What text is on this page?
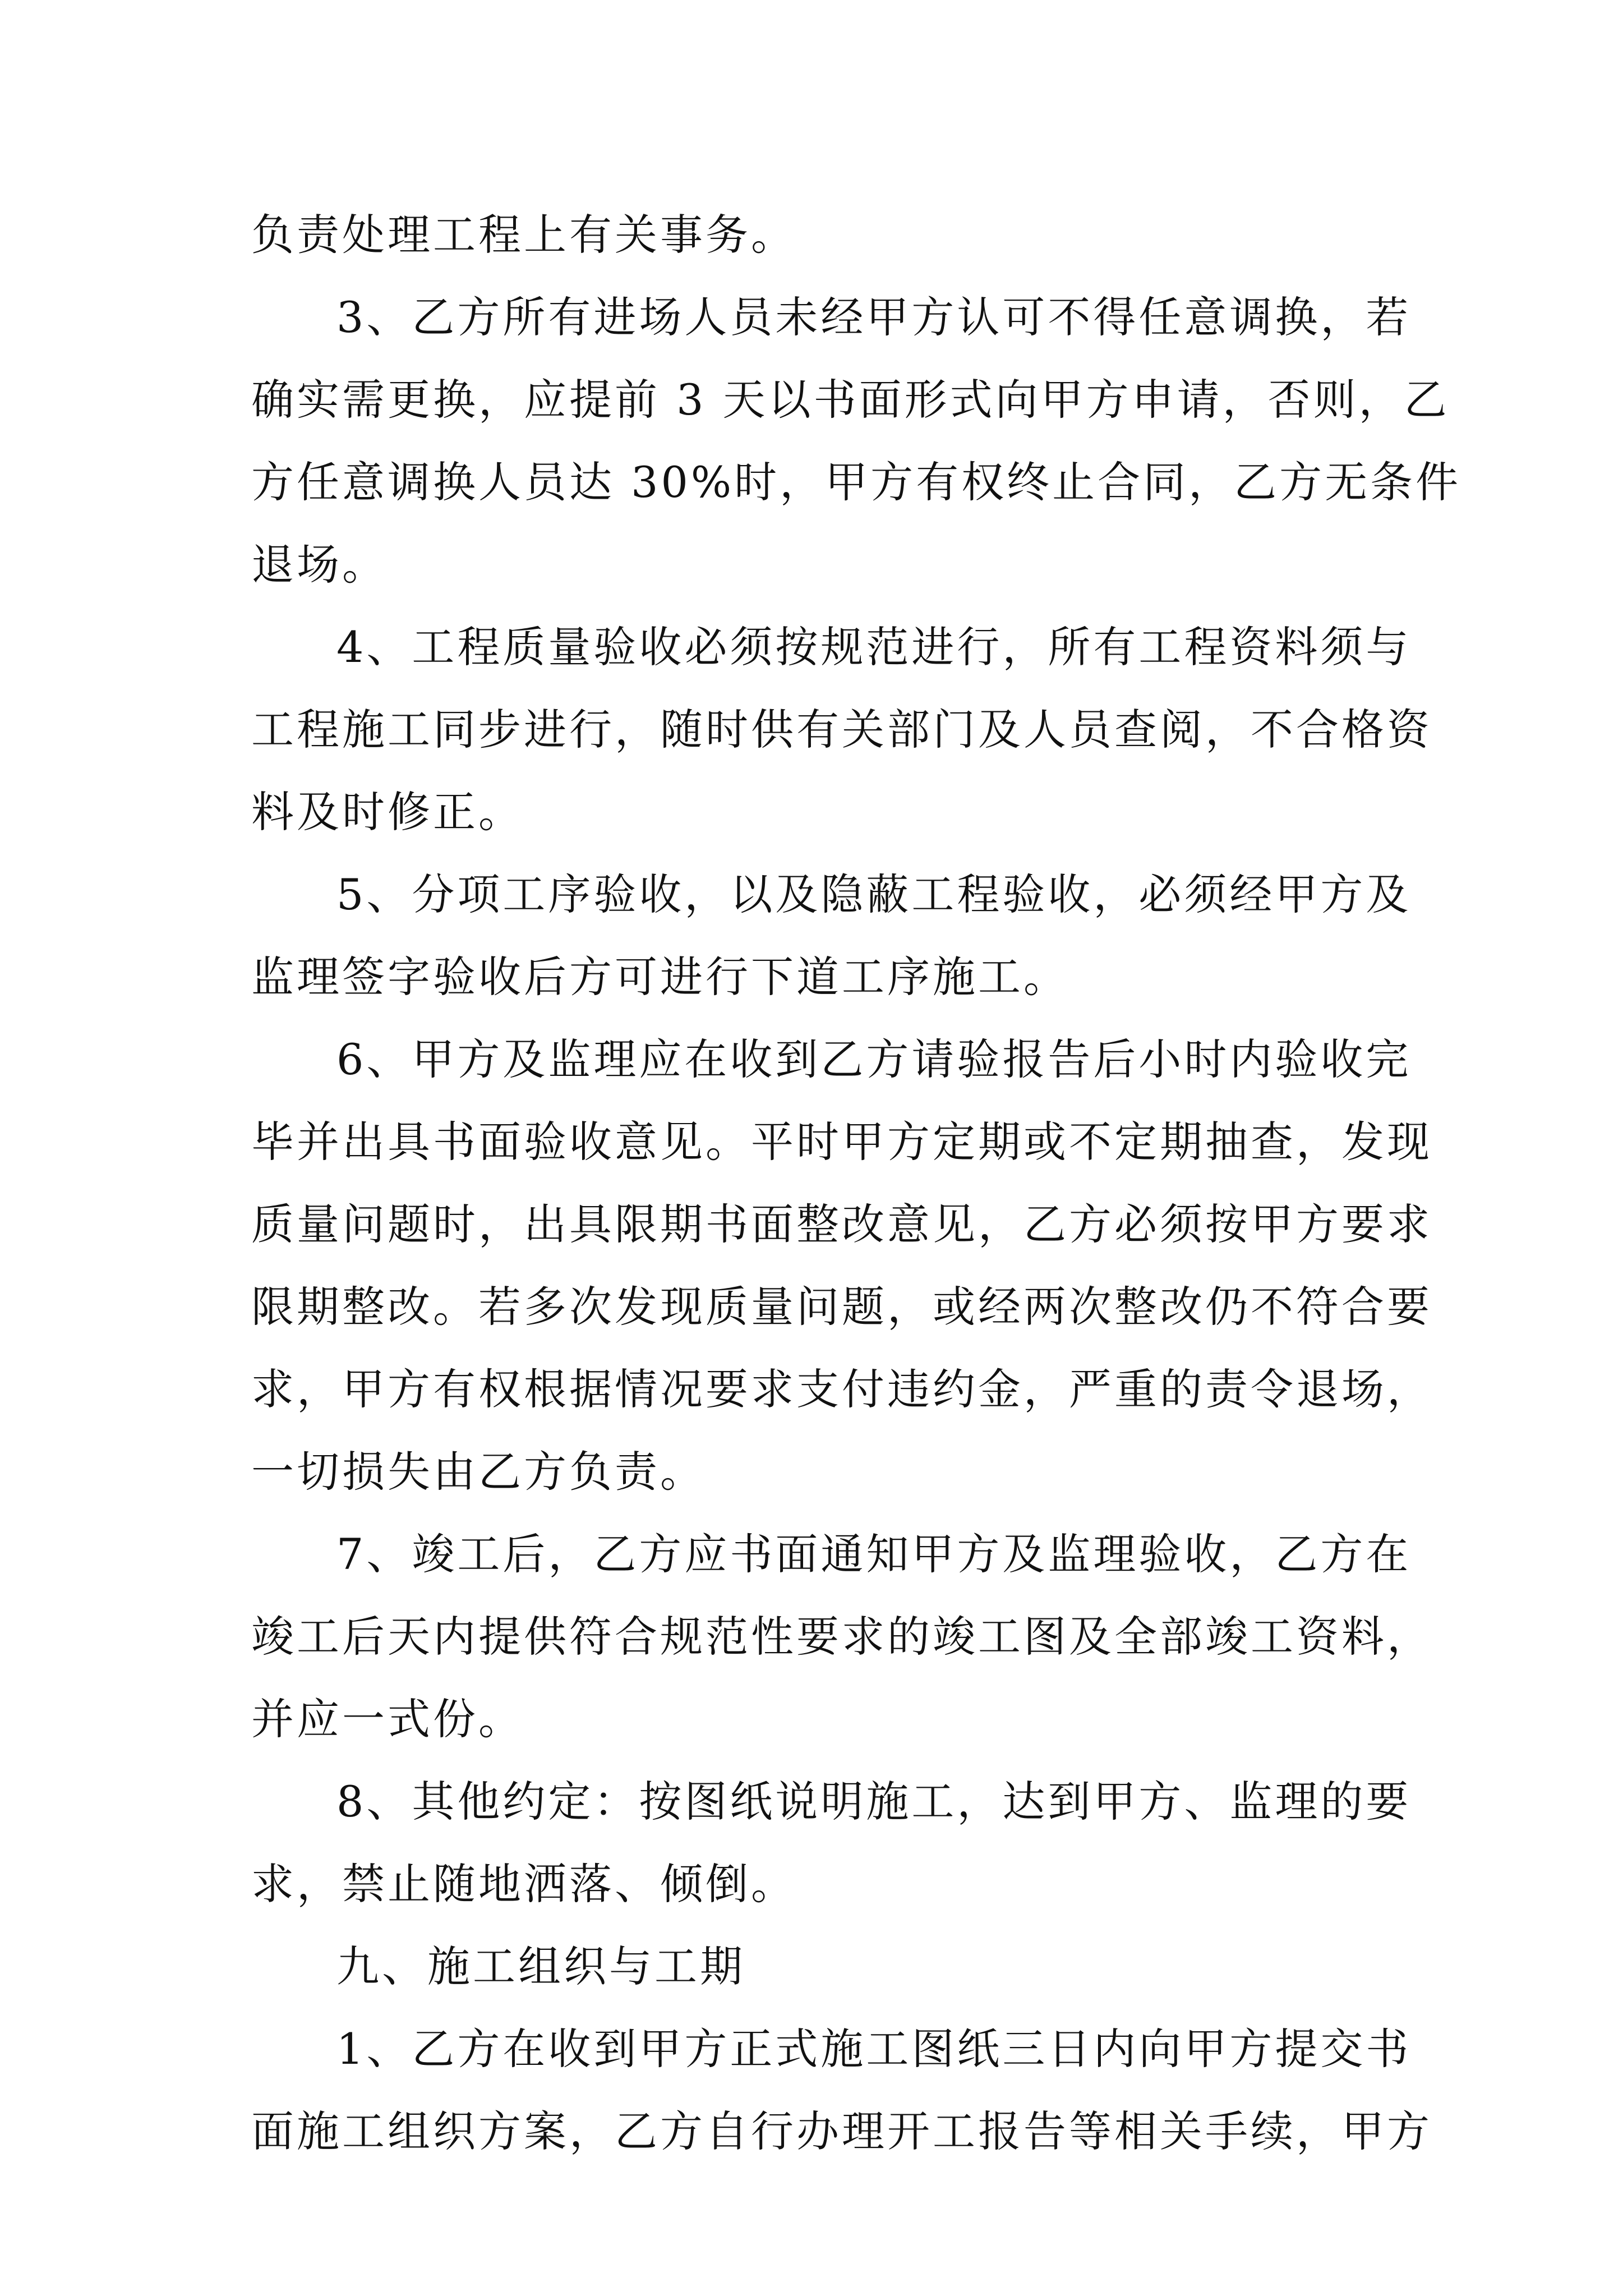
负责处理工程上有关事务。
3、乙方所有进场人员未经甲方认可不得任意调换，若
确实需更换，应提前 3 天以书面形式向甲方申请，否则，乙
方任意调换人员达 30%时，甲方有权终止合同，乙方无条件
退场。
4、工程质量验收必须按规范进行，所有工程资料须与
工程施工同步进行，随时供有关部门及人员查阅，不合格资
料及时修正。
5、分项工序验收，以及隐蔽工程验收，必须经甲方及
监理签字验收后方可进行下道工序施工。
6、甲方及监理应在收到乙方请验报告后小时内验收完
毕并出具书面验收意见。平时甲方定期或不定期抽查，发现
质量问题时，出具限期书面整改意见，乙方必须按甲方要求
限期整改。若多次发现质量问题，或经两次整改仍不符合要
求，甲方有权根据情况要求支付违约金，严重的责令退场，
一切损失由乙方负责。
7、竣工后，乙方应书面通知甲方及监理验收，乙方在
竣工后天内提供符合规范性要求的竣工图及全部竣工资料，
并应一式份。
8、其他约定：按图纸说明施工，达到甲方、监理的要
求，禁止随地洒落、倾倒。
九、施工组织与工期
1、乙方在收到甲方正式施工图纸三日内向甲方提交书
面施工组织方案，乙方自行办理开工报告等相关手续，甲方
